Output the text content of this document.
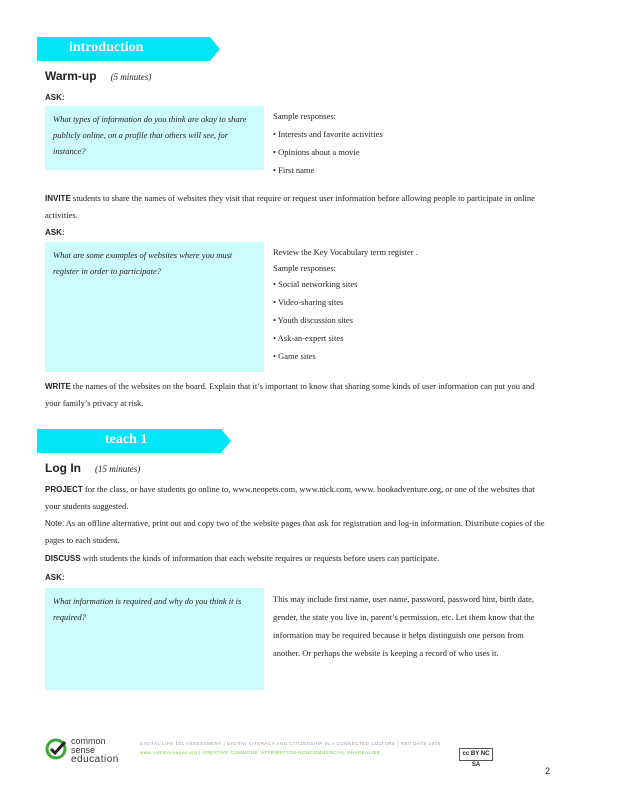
introduction
Warm-up (5 minutes)
ASK:
What types of information do you think are okay to share publicly online, on a profile that others will see, for instance?
Sample responses:
• Interests and favorite activities
• Opinions about a movie
• First name
INVITE students to share the names of websites they visit that require or request user information before allowing people to participate in online activities.
ASK:
What are some examples of websites where you must register in order to participate?
Review the Key Vocabulary term register .
Sample responses:
• Social networking sites
• Video-sharing sites
• Youth discussion sites
• Ask-an-expert sites
• Game sites
WRITE the names of the websites on the board. Explain that it’s important to know that sharing some kinds of user information can put you and your family’s privacy at risk.
teach 1
Log In (15 minutes)
PROJECT for the class, or have students go online to, www.neopets.com, www.nick.com, www. bookadventure.org, or one of the websites that your students suggested.
Note: As an offline alternative, print out and copy two of the website pages that ask for registration and log-in information. Distribute copies of the pages to each student.
DISCUSS with students the kinds of information that each website requires or requests before users can participate.
ASK:
What information is required and why do you think it is required?
This may include first name, user name, password, password hint, birth date, gender, the state you live in, parent’s permission, etc. Let them know that the information may be required because it helps distinguish one person from another. Or perhaps the website is keeping a record of who uses it.
common
sense
education
DIGITAL LIFE 101 ASSESSMENT | DIGITAL LITERACY AND CITIZENSHIP IN A CONNECTED CULTURE | REV DATE 2015
www.commonsense.org | CREATIVE COMMONS: ATTRIBUTION-NONCOMMERCIAL-SHAREALIKE	cc BY NC SA
2
